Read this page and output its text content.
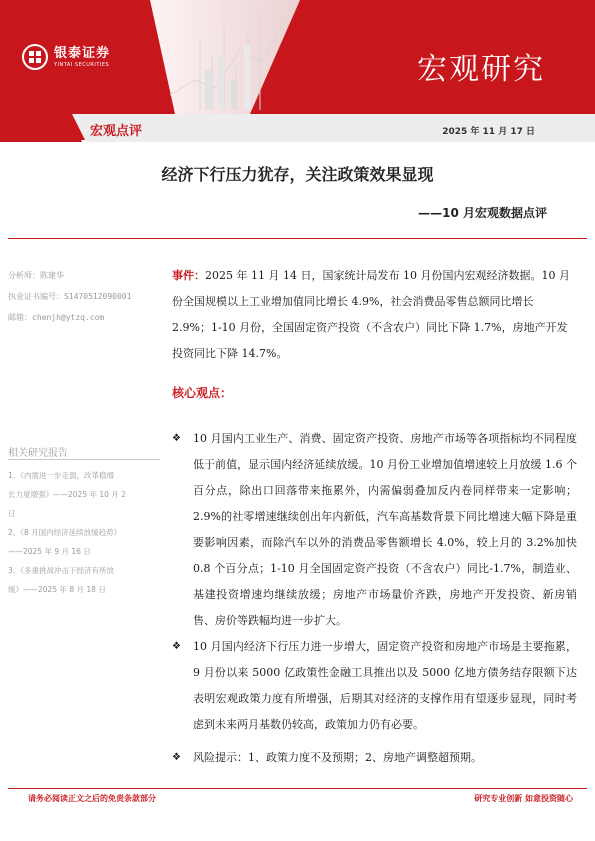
银泰证券
YINTAI SECURITIES	宏观研究
宏观点评	2025 年 11 月 17 日
经济下行压力犹存，关注政策效果显现
——10 月宏观数据点评
分析师：陈建华
执业证书编号：S1470512090001
邮箱：chenjh@ytzq.com
相关研究报告
1、《内需进一步走弱，改革稳增
长力度增强》——2025 年 10 月 2
日
2、《8 月国内经济延续放缓趋势》
——2025 年 9 月 16 日
3、《多重挑战冲击下经济有所放
缓》——2025 年 8 月 18 日
事件：2025 年 11 月 14 日，国家统计局发布 10 月份国内宏观经济数据。10 月份全国规模以上工业增加值同比增长 4.9%，社会消费品零售总额同比增长 2.9%；1-10 月份，全国固定资产投资（不含农户）同比下降 1.7%，房地产开发投资同比下降 14.7%。
核心观点：
❖ 10 月国内工业生产、消费、固定资产投资、房地产市场等各项指标均不同程度低于前值，显示国内经济延续放缓。10 月份工业增加值增速较上月放缓 1.6 个百分点，除出口回落带来拖累外，内需偏弱叠加反内卷同样带来一定影响；2.9%的社零增速继续创出年内新低，汽车高基数背景下同比增速大幅下降是重要影响因素，而除汽车以外的消费品零售额增长 4.0%，较上月的 3.2%加快 0.8 个百分点；1-10 月全国固定资产投资（不含农户）同比-1.7%，制造业、基建投资增速均继续放缓；房地产市场量价齐跌，房地产开发投资、新房销售、房价等跌幅均进一步扩大。
❖ 10 月国内经济下行压力进一步增大，固定资产投资和房地产市场是主要拖累，9 月份以来 5000 亿政策性金融工具推出以及 5000 亿地方债务结存限额下达表明宏观政策力度有所增强，后期其对经济的支撑作用有望逐步显现，同时考虑到未来两月基数仍较高，政策加力仍有必要。
❖ 风险提示：1、政策力度不及预期；2、房地产调整超预期。
请务必阅读正文之后的免责条款部分	研究专业创新 如意投资随心
